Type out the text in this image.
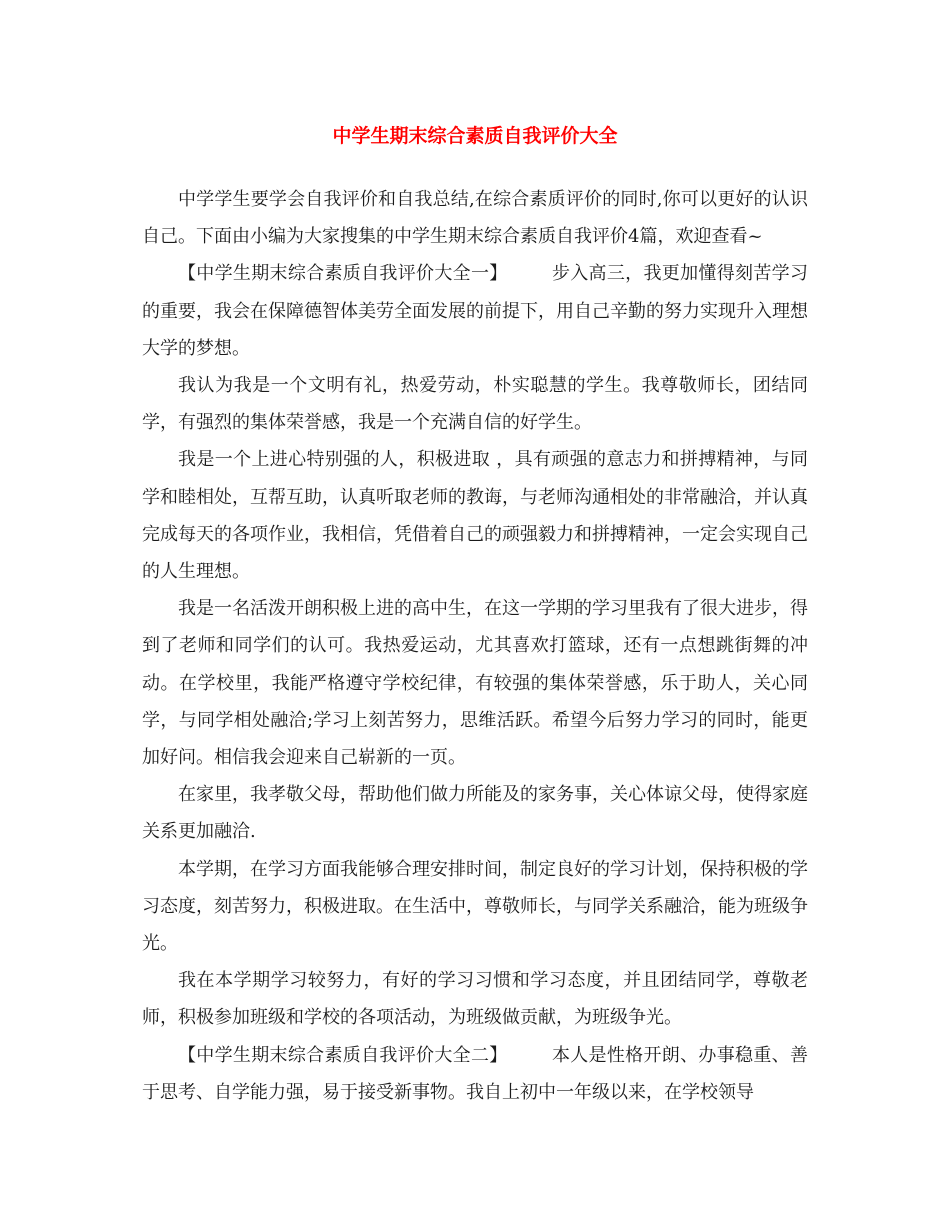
中学生期末综合素质自我评价大全

中学学生要学会自我评价和自我总结,在综合素质评价的同时,你可以更好的认识自己。下面由小编为大家搜集的中学生期末综合素质自我评价4篇，欢迎查看~

【中学生期末综合素质自我评价大全一】 步入高三，我更加懂得刻苦学习的重要，我会在保障德智体美劳全面发展的前提下，用自己辛勤的努力实现升入理想大学的梦想。

我认为我是一个文明有礼，热爱劳动，朴实聪慧的学生。我尊敬师长，团结同学，有强烈的集体荣誉感，我是一个充满自信的好学生。

我是一个上进心特别强的人，积极进取 ，具有顽强的意志力和拼搏精神，与同学和睦相处，互帮互助，认真听取老师的教诲，与老师沟通相处的非常融洽，并认真完成每天的各项作业，我相信，凭借着自己的顽强毅力和拼搏精神，一定会实现自己的人生理想。

我是一名活泼开朗积极上进的高中生，在这一学期的学习里我有了很大进步，得到了老师和同学们的认可。我热爱运动，尤其喜欢打篮球，还有一点想跳街舞的冲动。在学校里，我能严格遵守学校纪律，有较强的集体荣誉感，乐于助人，关心同学，与同学相处融洽;学习上刻苦努力，思维活跃。希望今后努力学习的同时，能更加好问。相信我会迎来自己崭新的一页。

在家里，我孝敬父母，帮助他们做力所能及的家务事，关心体谅父母，使得家庭关系更加融洽.

本学期，在学习方面我能够合理安排时间，制定良好的学习计划，保持积极的学习态度，刻苦努力，积极进取。在生活中，尊敬师长，与同学关系融洽，能为班级争光。

我在本学期学习较努力，有好的学习习惯和学习态度，并且团结同学，尊敬老师，积极参加班级和学校的各项活动，为班级做贡献，为班级争光。

【中学生期末综合素质自我评价大全二】 本人是性格开朗、办事稳重、善于思考、自学能力强，易于接受新事物。我自上初中一年级以来，在学校领导
